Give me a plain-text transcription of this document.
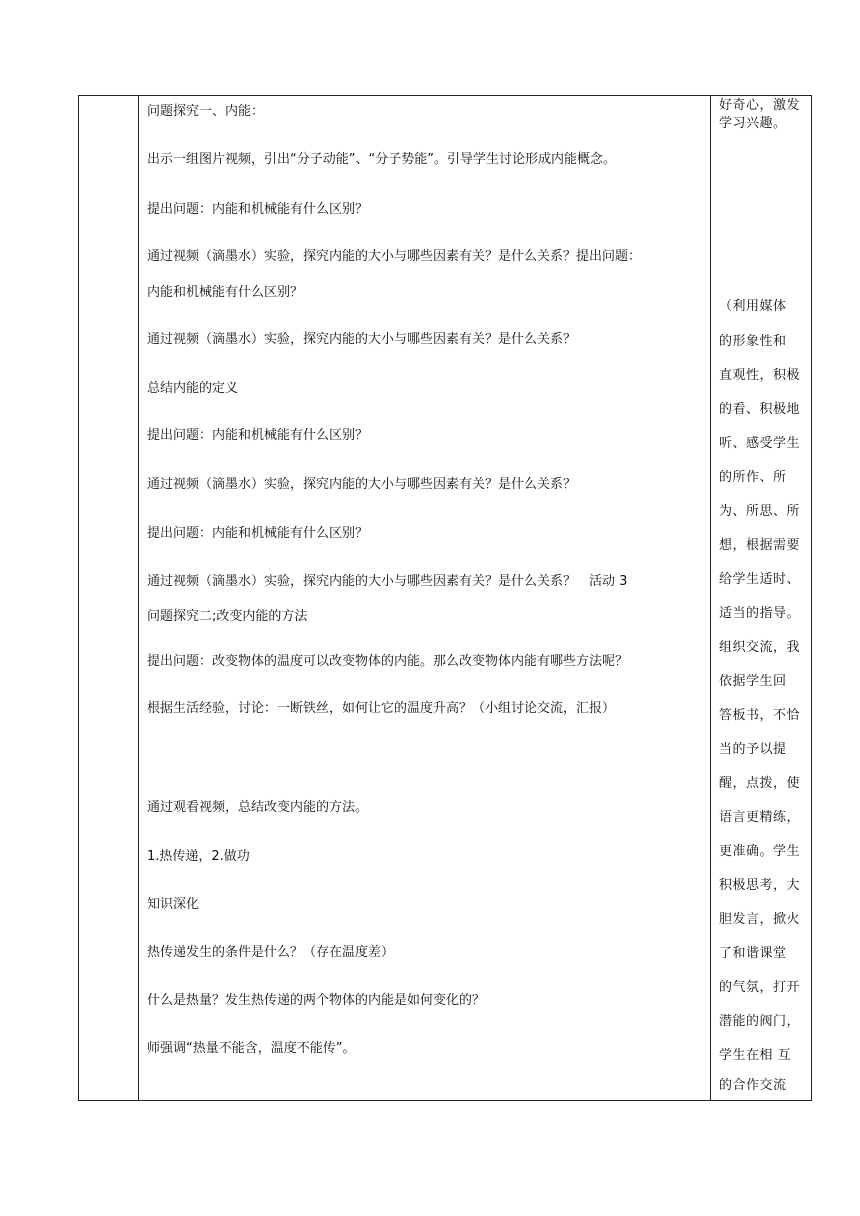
问题探究一、内能：
出示一组图片视频，引出“分子动能”、“分子势能”。引导学生讨论形成内能概念。
提出问题：内能和机械能有什么区别？
通过视频（滴墨水）实验，探究内能的大小与哪些因素有关？是什么关系？提出问题：
内能和机械能有什么区别？
通过视频（滴墨水）实验，探究内能的大小与哪些因素有关？是什么关系？
总结内能的定义
提出问题：内能和机械能有什么区别？
通过视频（滴墨水）实验，探究内能的大小与哪些因素有关？是什么关系？
提出问题：内能和机械能有什么区别？
通过视频（滴墨水）实验，探究内能的大小与哪些因素有关？是什么关系？　活动 3
问题探究二;改变内能的方法
提出问题：改变物体的温度可以改变物体的内能。那么改变物体内能有哪些方法呢？
根据生活经验，讨论：一断铁丝，如何让它的温度升高？（小组讨论交流，汇报）
通过观看视频，总结改变内能的方法。
1.热传递，2.做功
知识深化
热传递发生的条件是什么？（存在温度差）
什么是热量？发生热传递的两个物体的内能是如何变化的？
师强调“热量不能含，温度不能传”。
好奇心，激发
学习兴趣。
（利用媒体
的形象性和
直观性，积极
的看、积极地
听、感受学生
的所作、所
为、所思、所
想，根据需要
给学生适时、
适当的指导。
组织交流，我
依据学生回
答板书，不恰
当的予以提
醒，点拨，使
语言更精练，
更准确。学生
积极思考，大
胆发言，掀火
了和谐课堂
的气氛，打开
潜能的阀门，
学生在相 互
的合作交流
